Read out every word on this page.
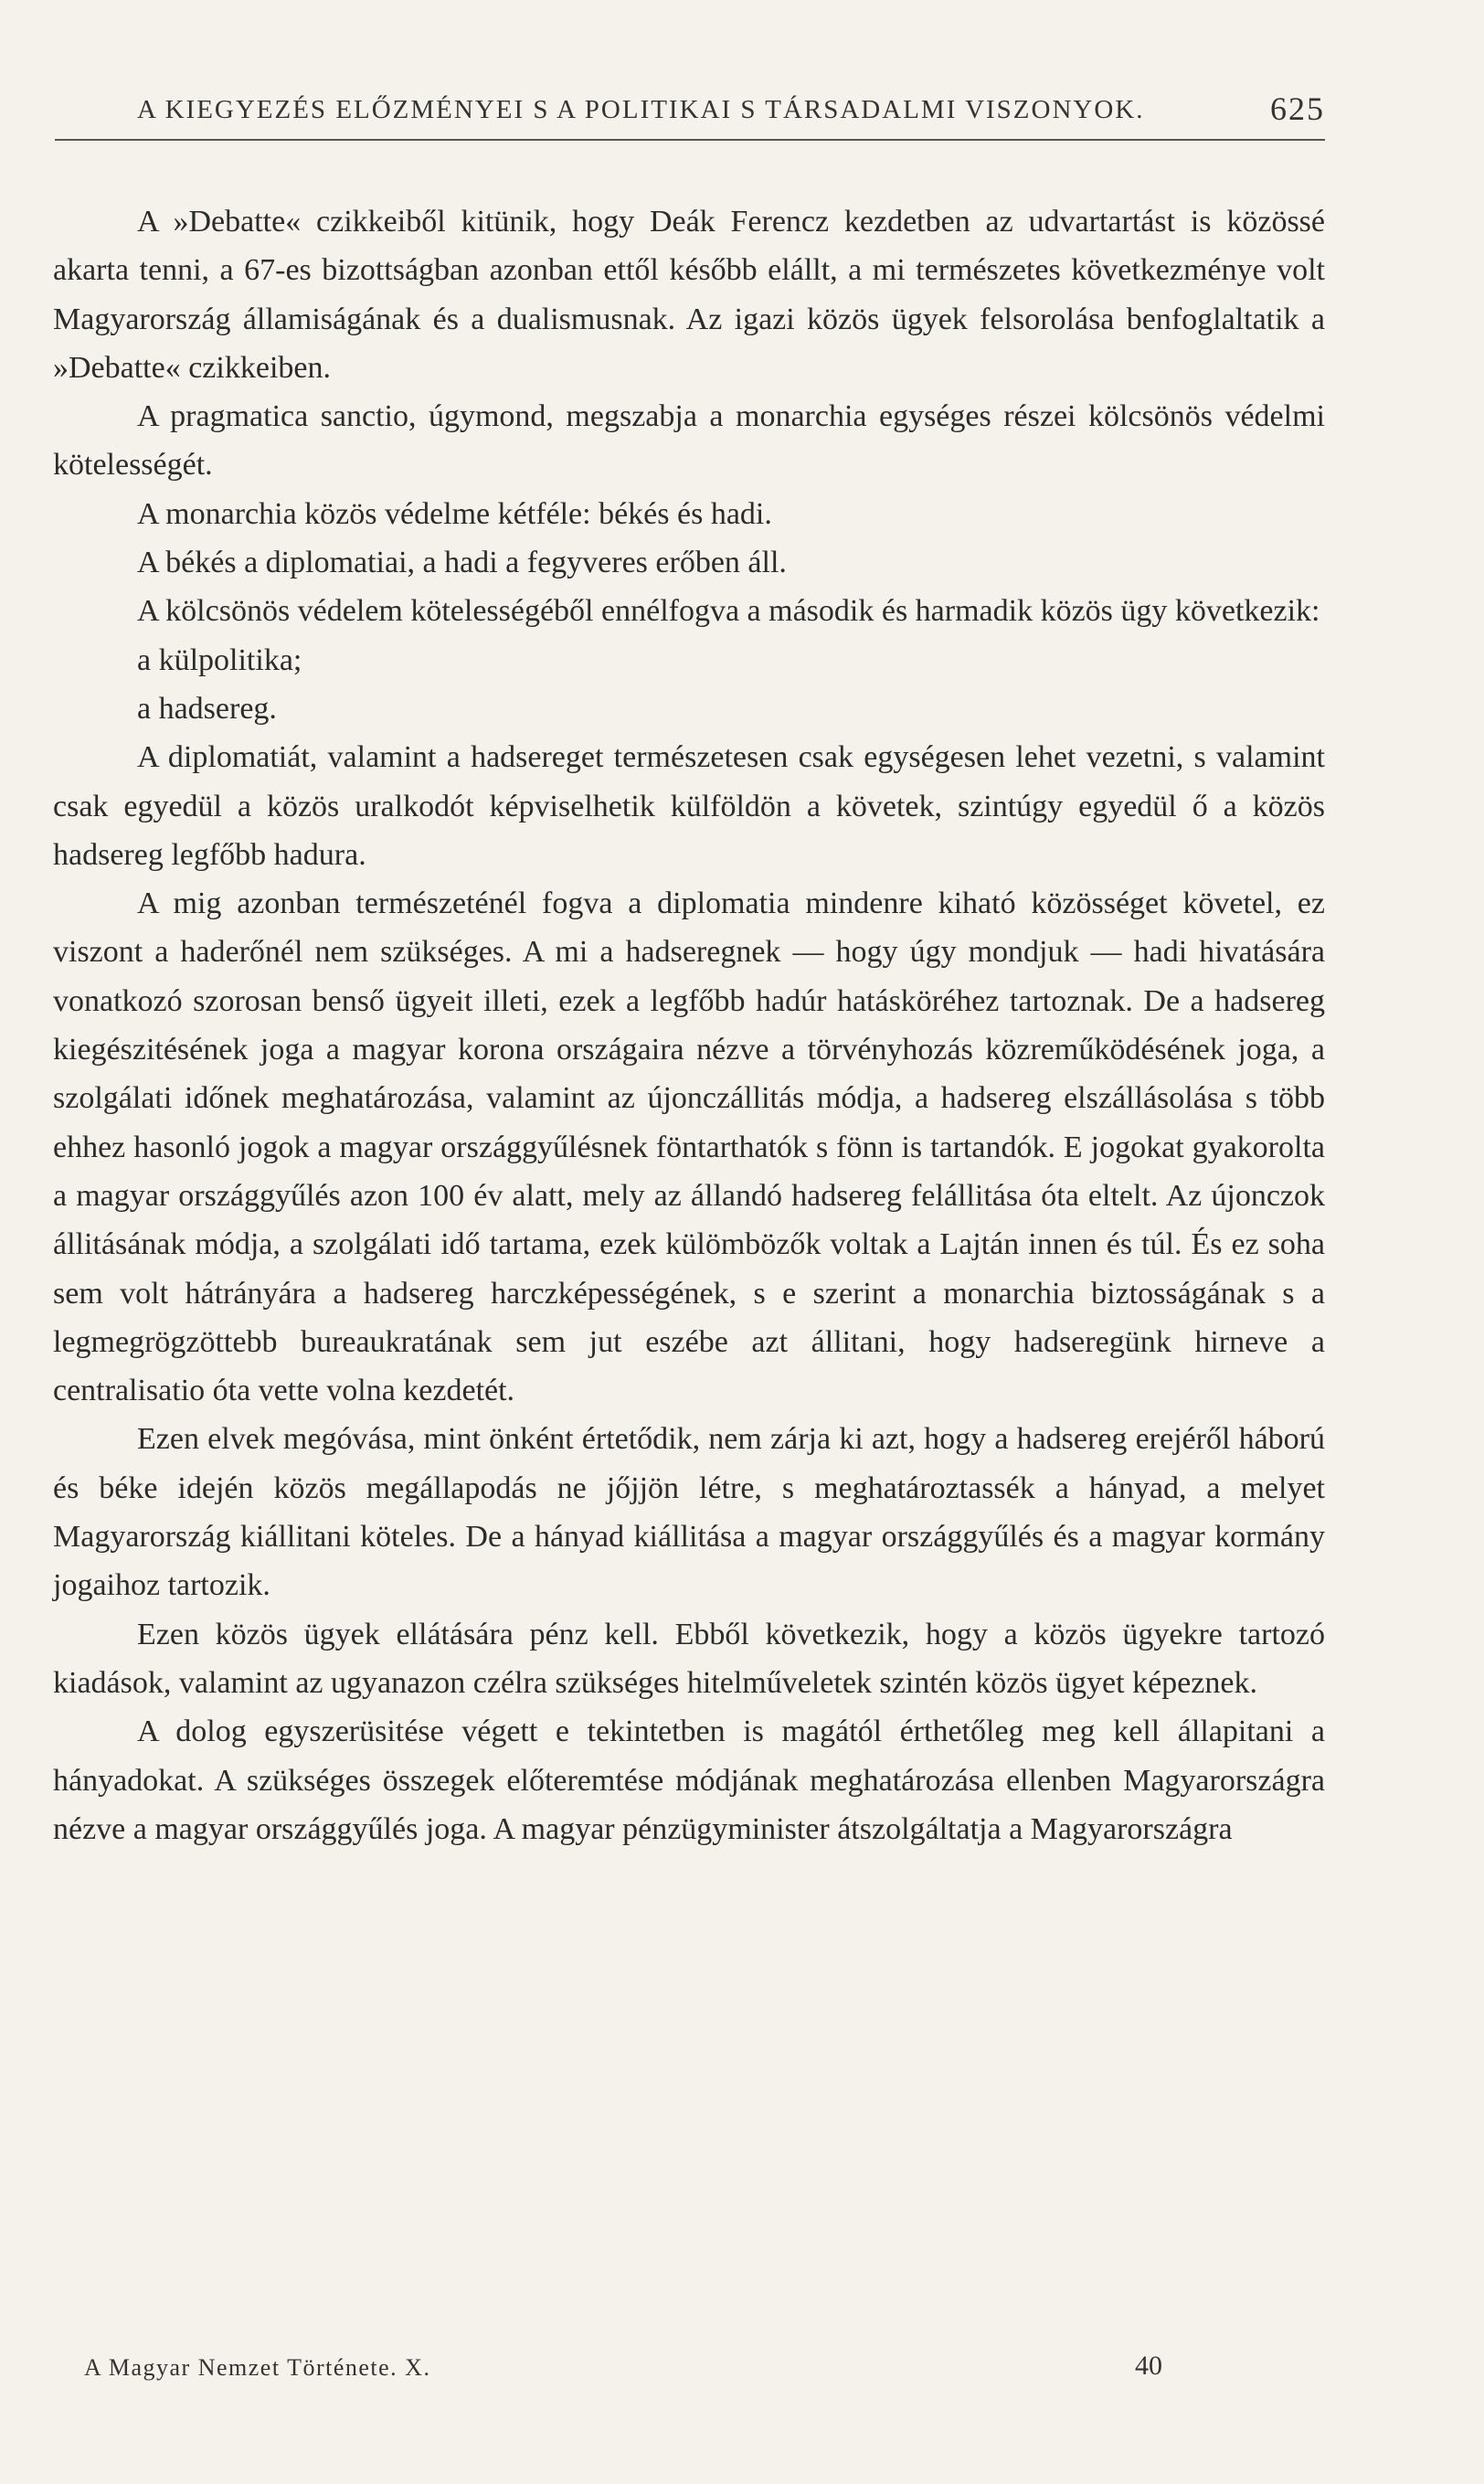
A KIEGYEZÉS ELŐZMÉNYEI S A POLITIKAI S TÁRSADALMI VISZONYOK.	625

A »Debatte« czikkeiből kitünik, hogy Deák Ferencz kezdetben az udvartartást is közössé akarta tenni, a 67-es bizottságban azonban ettől később elállt, a mi természetes következménye volt Magyarország államiságának és a dualismusnak. Az igazi közös ügyek felsorolása benfoglaltatik a »Debatte« czikkeiben.

A pragmatica sanctio, úgymond, megszabja a monarchia egységes részei kölcsönös védelmi kötelességét.

A monarchia közös védelme kétféle: békés és hadi.

A békés a diplomatiai, a hadi a fegyveres erőben áll.

A kölcsönös védelem kötelességéből ennélfogva a második és harmadik közös ügy következik:

a külpolitika;

a hadsereg.

A diplomatiát, valamint a hadsereget természetesen csak egységesen lehet vezetni, s valamint csak egyedül a közös uralkodót képviselhetik külföldön a követek, szintúgy egyedül ő a közös hadsereg legfőbb hadura.

A mig azonban természeténél fogva a diplomatia mindenre kiható közösséget követel, ez viszont a haderőnél nem szükséges. A mi a hadseregnek — hogy úgy mondjuk — hadi hivatására vonatkozó szorosan benső ügyeit illeti, ezek a legfőbb hadúr hatásköréhez tartoznak. De a hadsereg kiegészitésének joga a magyar korona országaira nézve a törvényhozás közreműködésének joga, a szolgálati időnek meghatározása, valamint az újonczállitás módja, a hadsereg elszállásolása s több ehhez hasonló jogok a magyar országgyűlésnek föntarthatók s fönn is tartandók. E jogokat gyakorolta a magyar országgyűlés azon 100 év alatt, mely az állandó hadsereg felállitása óta eltelt. Az újonczok állitásának módja, a szolgálati idő tartama, ezek külömbözők voltak a Lajtán innen és túl. És ez soha sem volt hátrányára a hadsereg harczképességének, s e szerint a monarchia biztosságának s a legmegrögzöttebb bureaukratának sem jut eszébe azt állitani, hogy hadseregünk hirneve a centralisatio óta vette volna kezdetét.

Ezen elvek megóvása, mint önként értetődik, nem zárja ki azt, hogy a hadsereg erejéről háború és béke idején közös megállapodás ne jőjjön létre, s meghatároztassék a hányad, a melyet Magyarország kiállitani köteles. De a hányad kiállitása a magyar országgyűlés és a magyar kormány jogaihoz tartozik.

Ezen közös ügyek ellátására pénz kell. Ebből következik, hogy a közös ügyekre tartozó kiadások, valamint az ugyanazon czélra szükséges hitelműveletek szintén közös ügyet képeznek.

A dolog egyszerüsitése végett e tekintetben is magától érthetőleg meg kell állapitani a hányadokat. A szükséges összegek előteremtése módjának meghatározása ellenben Magyarországra nézve a magyar országgyűlés joga. A magyar pénzügyminister átszolgáltatja a Magyarországra

A Magyar Nemzet Története. X.	40
